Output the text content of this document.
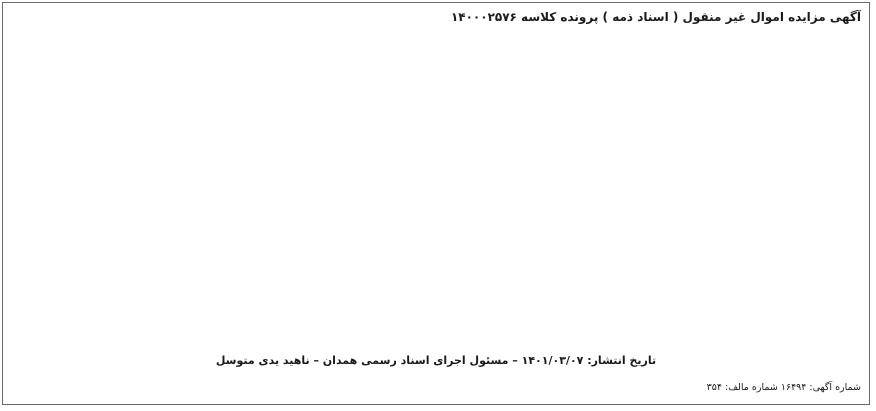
آگهی مزایده اموال غیر منقول ( اسناد ذمه ) پرونده کلاسه ۱۴۰۰۰۲۵۷۶
تاریخ انتشار: ۱۴۰۱/۰۳/۰۷ – مسئول اجرای اسناد رسمی همدان – ناهید یدی متوسل
شماره آگهی: ۱۶۴۹۴ شماره مالف: ۳۵۴
